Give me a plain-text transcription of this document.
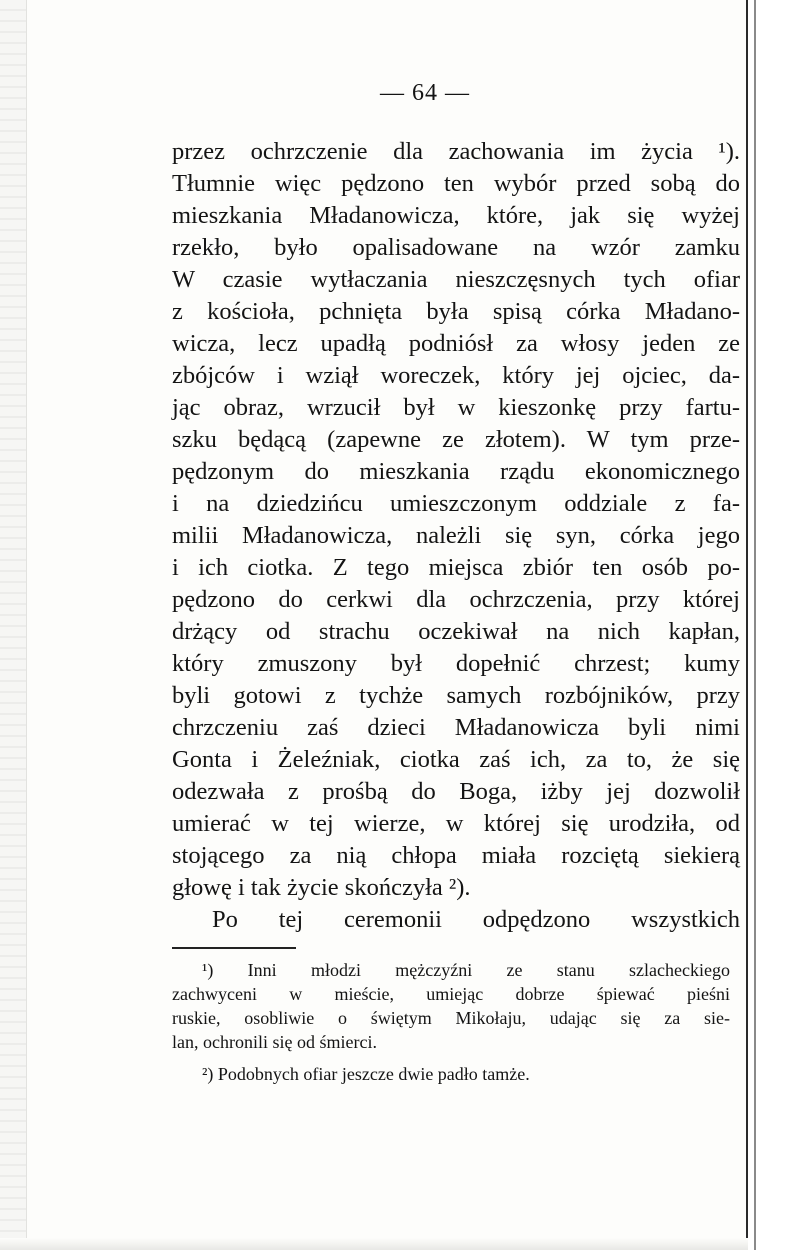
— 64 —
przez ochrzczenie dla zachowania im życia ¹).
Tłumnie więc pędzono ten wybór przed sobą do
mieszkania Mładanowicza, które, jak się wyżej
rzekło, było opalisadowane na wzór zamku
W czasie wytłaczania nieszczęsnych tych ofiar
z kościoła, pchnięta była spisą córka Mładano-
wicza, lecz upadłą podniósł za włosy jeden ze
zbójców i wziął woreczek, który jej ojciec, da-
jąc obraz, wrzucił był w kieszonkę przy fartu-
szku będącą (zapewne ze złotem). W tym prze-
pędzonym do mieszkania rządu ekonomicznego
i na dziedzińcu umieszczonym oddziale z fa-
milii Mładanowicza, należli się syn, córka jego
i ich ciotka. Z tego miejsca zbiór ten osób po-
pędzono do cerkwi dla ochrzczenia, przy której
drżący od strachu oczekiwał na nich kapłan,
który zmuszony był dopełnić chrzest; kumy
byli gotowi z tychże samych rozbójników, przy
chrzczeniu zaś dzieci Mładanowicza byli nimi
Gonta i Żeleźniak, ciotka zaś ich, za to, że się
odezwała z prośbą do Boga, iżby jej dozwolił
umierać w tej wierze, w której się urodziła, od
stojącego za nią chłopa miała rozciętą siekierą
głowę i tak życie skończyła ²).
Po tej ceremonii odpędzono wszystkich
¹) Inni młodzi mężczyźni ze stanu szlacheckiego
zachwyceni w mieście, umiejąc dobrze śpiewać pieśni
ruskie, osobliwie o świętym Mikołaju, udając się za sie-
lan, ochronili się od śmierci.
²) Podobnych ofiar jeszcze dwie padło tamże.
